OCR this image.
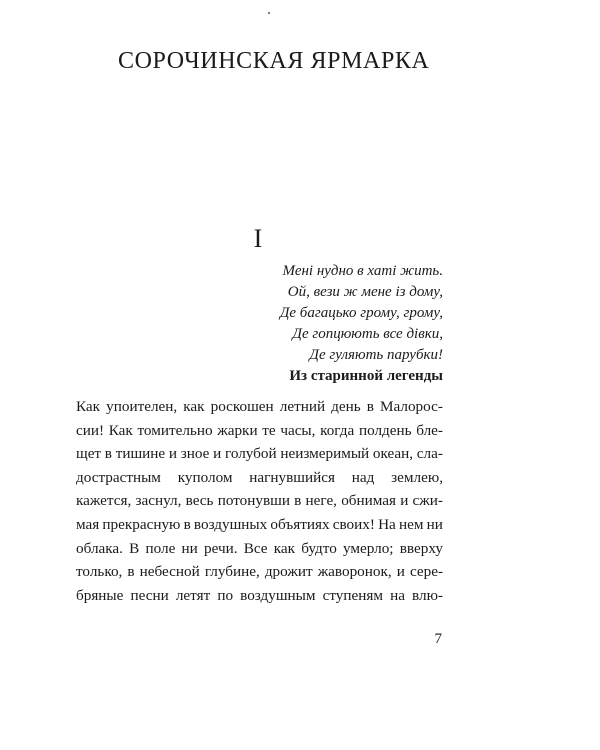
СОРОЧИНСКАЯ ЯРМАРКА
I
Мені нудно в хаті жить.
Ой, вези ж мене із дому,
Де багацько грому, грому,
Де гопцюють все дівки,
Де гуляють парубки!
Из старинной легенды
Как упоителен, как роскошен летний день в Малорос-
сии! Как томительно жарки те часы, когда полдень бле-
щет в тишине и зное и голубой неизмеримый океан, сла-
дострастным куполом нагнувшийся над землею,
кажется, заснул, весь потонувши в неге, обнимая и сжи-
мая прекрасную в воздушных объятиях своих! На нем ни
облака. В поле ни речи. Все как будто умерло; вверху
только, в небесной глубине, дрожит жаворонок, и сере-
бряные песни летят по воздушным ступеням на влю-
7
